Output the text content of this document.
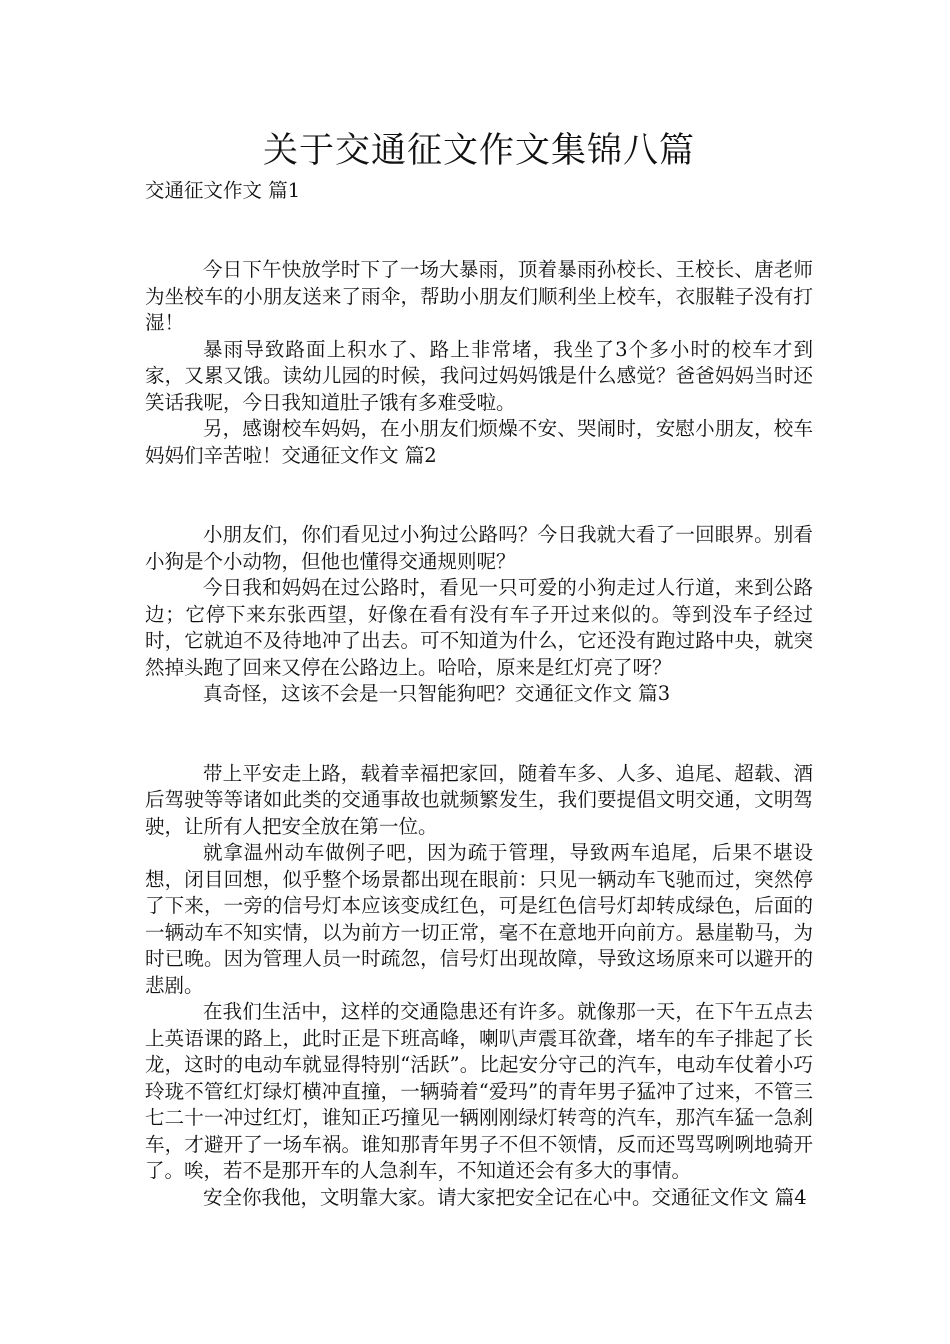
关于交通征文作文集锦八篇
交通征文作文 篇1

今日下午快放学时下了一场大暴雨，顶着暴雨孙校长、王校长、唐老师为坐校车的小朋友送来了雨伞，帮助小朋友们顺利坐上校车，衣服鞋子没有打湿！

暴雨导致路面上积水了、路上非常堵，我坐了3个多小时的校车才到家，又累又饿。读幼儿园的时候，我问过妈妈饿是什么感觉？爸爸妈妈当时还笑话我呢，今日我知道肚子饿有多难受啦。

另，感谢校车妈妈，在小朋友们烦燥不安、哭闹时，安慰小朋友，校车妈妈们辛苦啦！交通征文作文 篇2

小朋友们，你们看见过小狗过公路吗？今日我就大看了一回眼界。别看小狗是个小动物，但他也懂得交通规则呢？

今日我和妈妈在过公路时，看见一只可爱的小狗走过人行道，来到公路边；它停下来东张西望，好像在看有没有车子开过来似的。等到没车子经过时，它就迫不及待地冲了出去。可不知道为什么，它还没有跑过路中央，就突然掉头跑了回来又停在公路边上。哈哈，原来是红灯亮了呀？

真奇怪，这该不会是一只智能狗吧？交通征文作文 篇3

带上平安走上路，载着幸福把家回，随着车多、人多、追尾、超载、酒后驾驶等等诸如此类的交通事故也就频繁发生，我们要提倡文明交通，文明驾驶，让所有人把安全放在第一位。

就拿温州动车做例子吧，因为疏于管理，导致两车追尾，后果不堪设想，闭目回想，似乎整个场景都出现在眼前：只见一辆动车飞驰而过，突然停了下来，一旁的信号灯本应该变成红色，可是红色信号灯却转成绿色，后面的一辆动车不知实情，以为前方一切正常，毫不在意地开向前方。悬崖勒马，为时已晚。因为管理人员一时疏忽，信号灯出现故障，导致这场原来可以避开的悲剧。

在我们生活中，这样的交通隐患还有许多。就像那一天，在下午五点去上英语课的路上，此时正是下班高峰，喇叭声震耳欲聋，堵车的车子排起了长龙，这时的电动车就显得特别“活跃”。比起安分守己的汽车，电动车仗着小巧玲珑不管红灯绿灯横冲直撞，一辆骑着“爱玛”的青年男子猛冲了过来，不管三七二十一冲过红灯，谁知正巧撞见一辆刚刚绿灯转弯的汽车，那汽车猛一急刹车，才避开了一场车祸。谁知那青年男子不但不领情，反而还骂骂咧咧地骑开了。唉，若不是那开车的人急刹车，不知道还会有多大的事情。

安全你我他，文明靠大家。请大家把安全记在心中。交通征文作文 篇4
